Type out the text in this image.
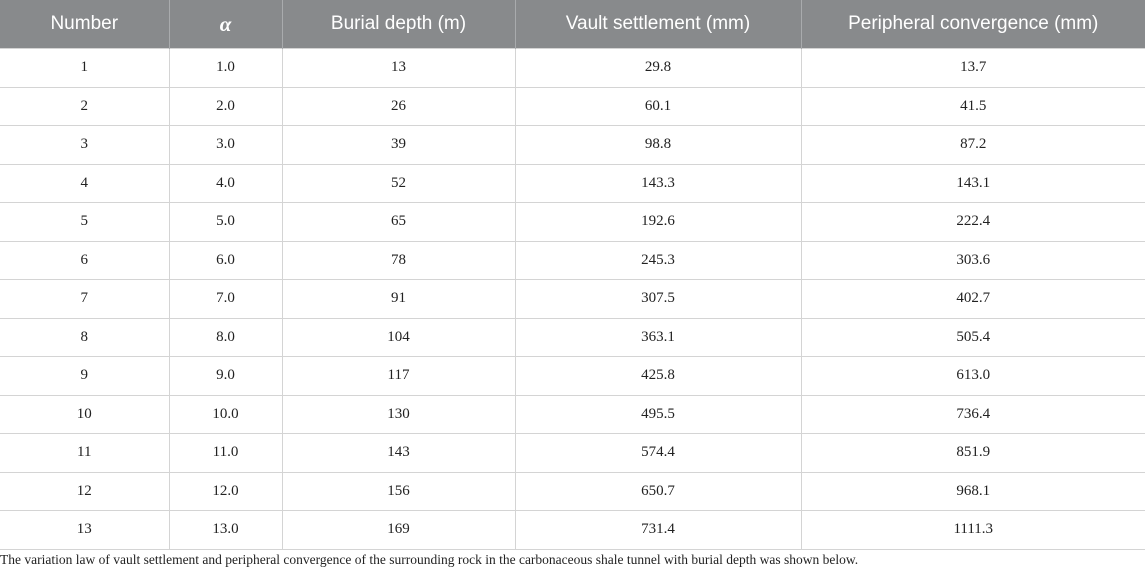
Number	α	Burial depth (m)	Vault settlement (mm)	Peripheral convergence (mm)
1	1.0	13	29.8	13.7
2	2.0	26	60.1	41.5
3	3.0	39	98.8	87.2
4	4.0	52	143.3	143.1
5	5.0	65	192.6	222.4
6	6.0	78	245.3	303.6
7	7.0	91	307.5	402.7
8	8.0	104	363.1	505.4
9	9.0	117	425.8	613.0
10	10.0	130	495.5	736.4
11	11.0	143	574.4	851.9
12	12.0	156	650.7	968.1
13	13.0	169	731.4	1111.3
The variation law of vault settlement and peripheral convergence of the surrounding rock in the carbonaceous shale tunnel with burial depth was shown below.
